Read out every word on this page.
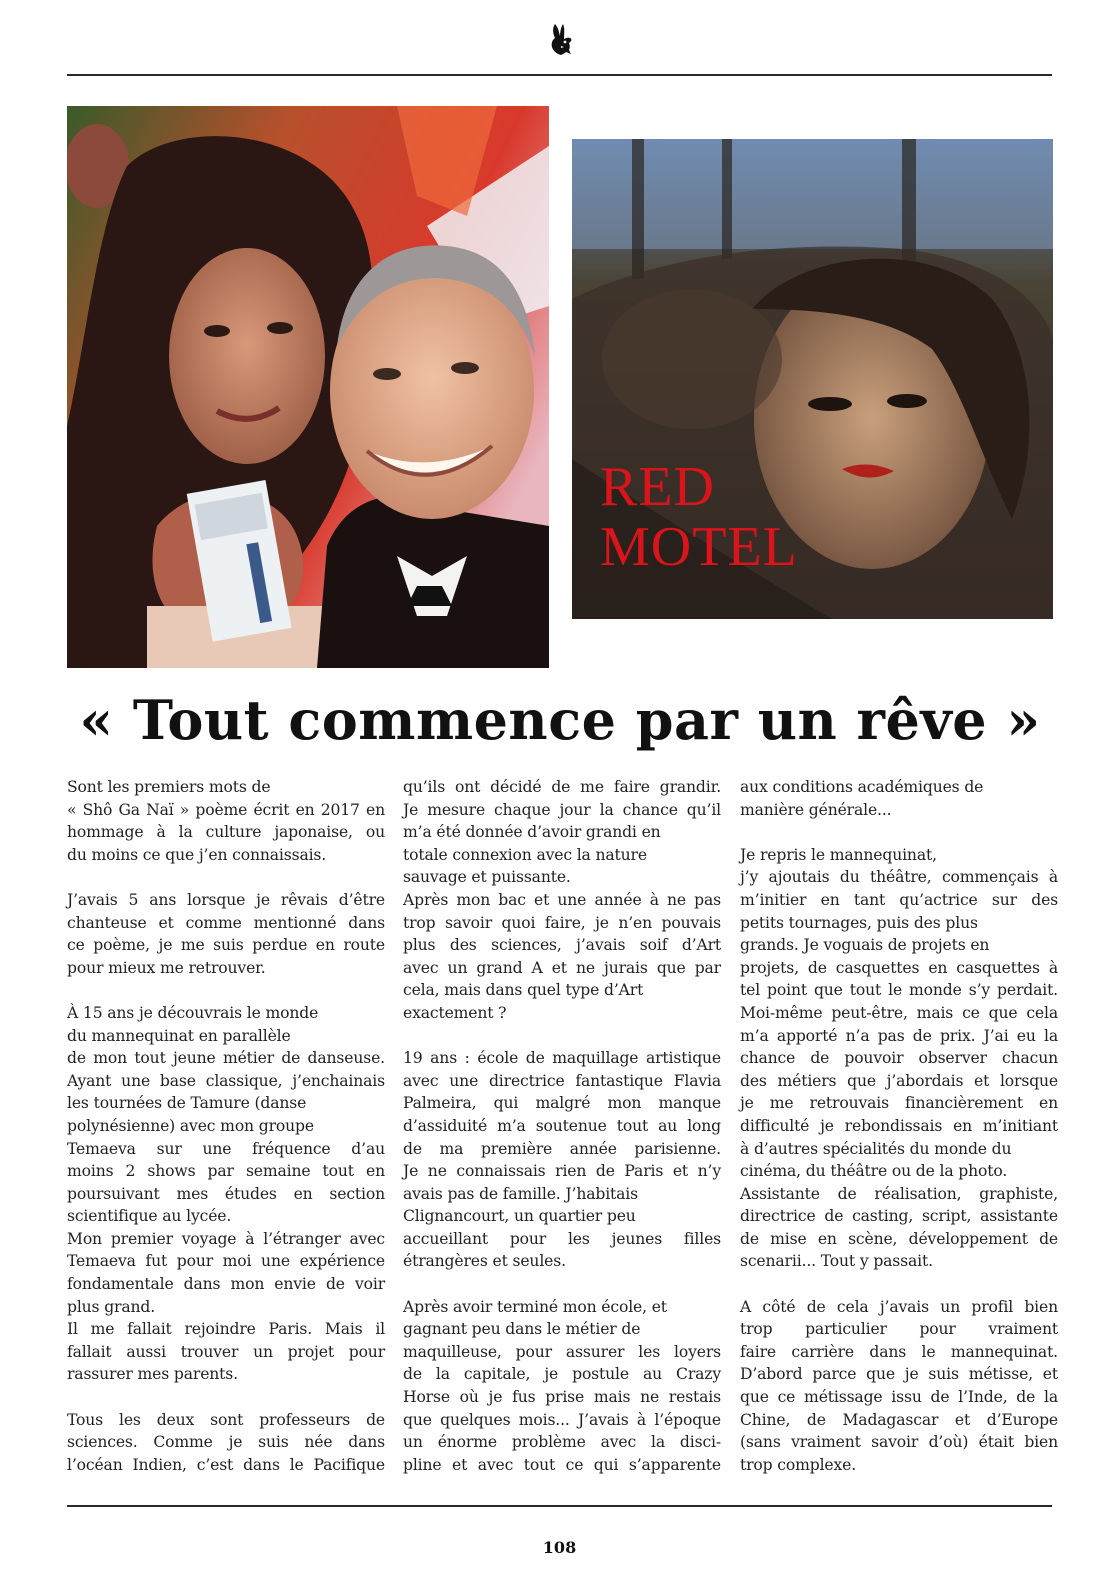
RED
MOTEL
« Tout commence par un rêve »
Sont les premiers mots de
« Shô Ga Naï » poème écrit en 2017 en
hommage à la culture japonaise, ou
du moins ce que j’en connaissais.
J’avais 5 ans lorsque je rêvais d’être
chanteuse et comme mentionné dans
ce poème, je me suis perdue en route
pour mieux me retrouver.
À 15 ans je découvrais le monde
du mannequinat en parallèle
de mon tout jeune métier de danseuse.
Ayant une base classique, j’enchainais
les tournées de Tamure (danse
polynésienne) avec mon groupe
Temaeva sur une fréquence d’au
moins 2 shows par semaine tout en
poursuivant mes études en section
scientifique au lycée.
Mon premier voyage à l’étranger avec
Temaeva fut pour moi une expérience
fondamentale dans mon envie de voir
plus grand.
Il me fallait rejoindre Paris. Mais il
fallait aussi trouver un projet pour
rassurer mes parents.
Tous les deux sont professeurs de
sciences. Comme je suis née dans
l’océan Indien, c’est dans le Pacifique
qu’ils ont décidé de me faire grandir.
Je mesure chaque jour la chance qu’il
m’a été donnée d’avoir grandi en
totale connexion avec la nature
sauvage et puissante.
Après mon bac et une année à ne pas
trop savoir quoi faire, je n’en pouvais
plus des sciences, j’avais soif d’Art
avec un grand A et ne jurais que par
cela, mais dans quel type d’Art
exactement ?
19 ans : école de maquillage artistique
avec une directrice fantastique Flavia
Palmeira, qui malgré mon manque
d’assiduité m’a soutenue tout au long
de ma première année parisienne.
Je ne connaissais rien de Paris et n’y
avais pas de famille. J’habitais
Clignancourt, un quartier peu
accueillant pour les jeunes filles
étrangères et seules.
Après avoir terminé mon école, et
gagnant peu dans le métier de
maquilleuse, pour assurer les loyers
de la capitale, je postule au Crazy
Horse où je fus prise mais ne restais
que quelques mois... J’avais à l’époque
un énorme problème avec la disci-
pline et avec tout ce qui s’apparente
aux conditions académiques de
manière générale...
Je repris le mannequinat,
j’y ajoutais du théâtre, commençais à
m’initier en tant qu’actrice sur des
petits tournages, puis des plus
grands. Je voguais de projets en
projets, de casquettes en casquettes à
tel point que tout le monde s’y perdait.
Moi-même peut-être, mais ce que cela
m’a apporté n’a pas de prix. J’ai eu la
chance de pouvoir observer chacun
des métiers que j’abordais et lorsque
je me retrouvais financièrement en
difficulté je rebondissais en m’initiant
à d’autres spécialités du monde du
cinéma, du théâtre ou de la photo.
Assistante de réalisation, graphiste,
directrice de casting, script, assistante
de mise en scène, développement de
scenarii... Tout y passait.
A côté de cela j’avais un profil bien
trop particulier pour vraiment
faire carrière dans le mannequinat.
D’abord parce que je suis métisse, et
que ce métissage issu de l’Inde, de la
Chine, de Madagascar et d’Europe
(sans vraiment savoir d’où) était bien
trop complexe.
108
